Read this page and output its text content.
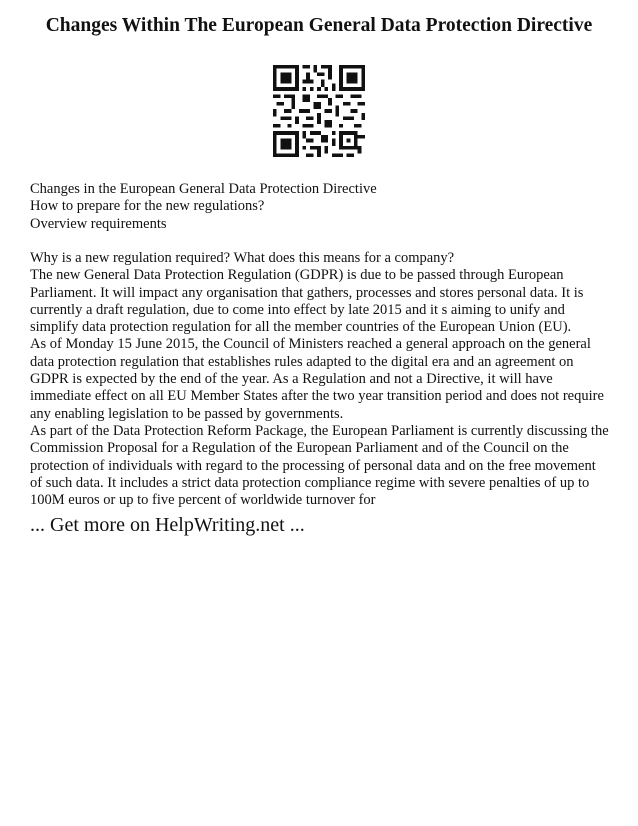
Changes Within The European General Data Protection Directive
Changes in the European General Data Protection Directive
How to prepare for the new regulations?
Overview requirements

Why is a new regulation required? What does this means for a company?

The new General Data Protection Regulation (GDPR) is due to be passed through European Parliament. It will impact any organisation that gathers, processes and stores personal data. It is currently a draft regulation, due to come into effect by late 2015 and it s aiming to unify and simplify data protection regulation for all the member countries of the European Union (EU).

As of Monday 15 June 2015, the Council of Ministers reached a general approach on the general data protection regulation that establishes rules adapted to the digital era and an agreement on GDPR is expected by the end of the year. As a Regulation and not a Directive, it will have immediate effect on all EU Member States after the two year transition period and does not require any enabling legislation to be passed by governments.

As part of the Data Protection Reform Package, the European Parliament is currently discussing the Commission Proposal for a Regulation of the European Parliament and of the Council on the protection of individuals with regard to the processing of personal data and on the free movement of such data. It includes a strict data protection compliance regime with severe penalties of up to 100M euros or up to five percent of worldwide turnover for

... Get more on HelpWriting.net ...
